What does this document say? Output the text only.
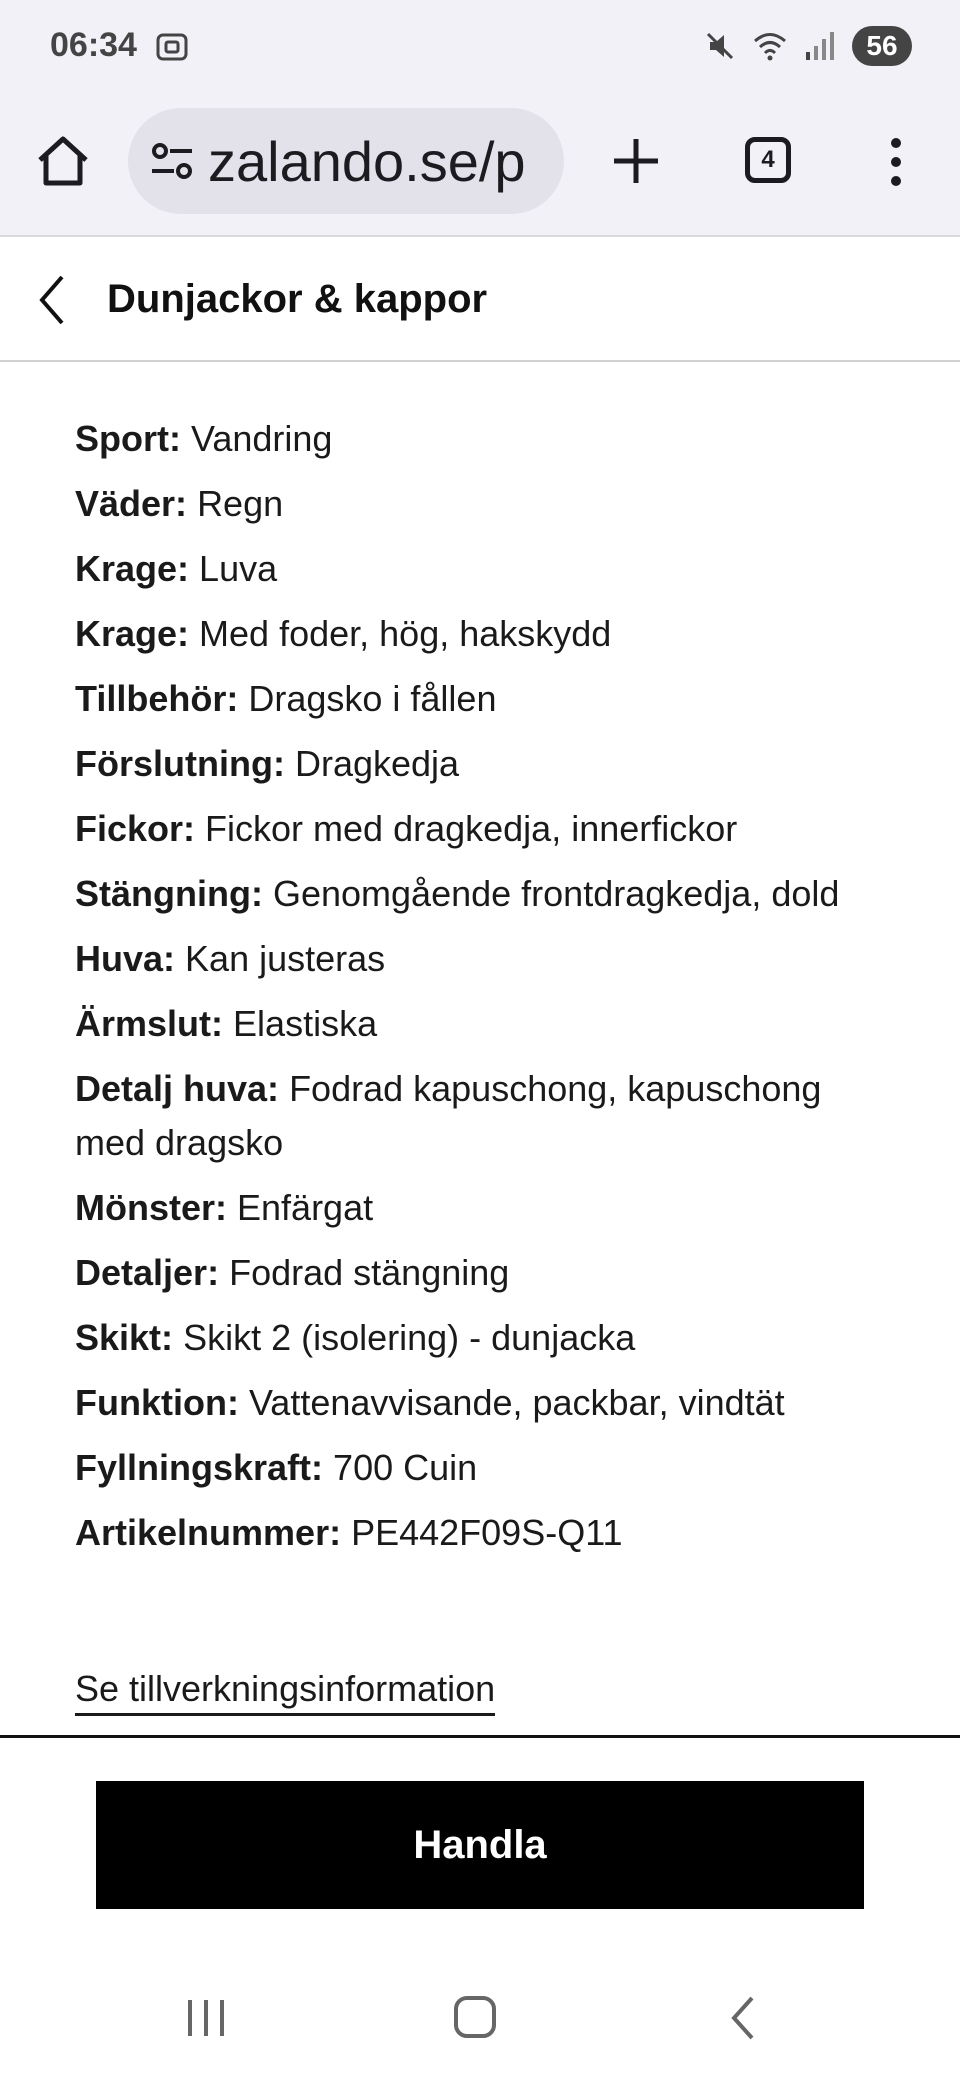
06:34	56
zalando.se/p	4
Dunjackor & kappor
Sport: Vandring
Väder: Regn
Krage: Luva
Krage: Med foder, hög, hakskydd
Tillbehör: Dragsko i fållen
Förslutning: Dragkedja
Fickor: Fickor med dragkedja, innerfickor
Stängning: Genomgående frontdragkedja, dold
Huva: Kan justeras
Ärmslut: Elastiska
Detalj huva: Fodrad kapuschong, kapuschong med dragsko
Mönster: Enfärgat
Detaljer: Fodrad stängning
Skikt: Skikt 2 (isolering) - dunjacka
Funktion: Vattenavvisande, packbar, vindtät
Fyllningskraft: 700 Cuin
Artikelnummer: PE442F09S-Q11
Se tillverkningsinformation
Handla
